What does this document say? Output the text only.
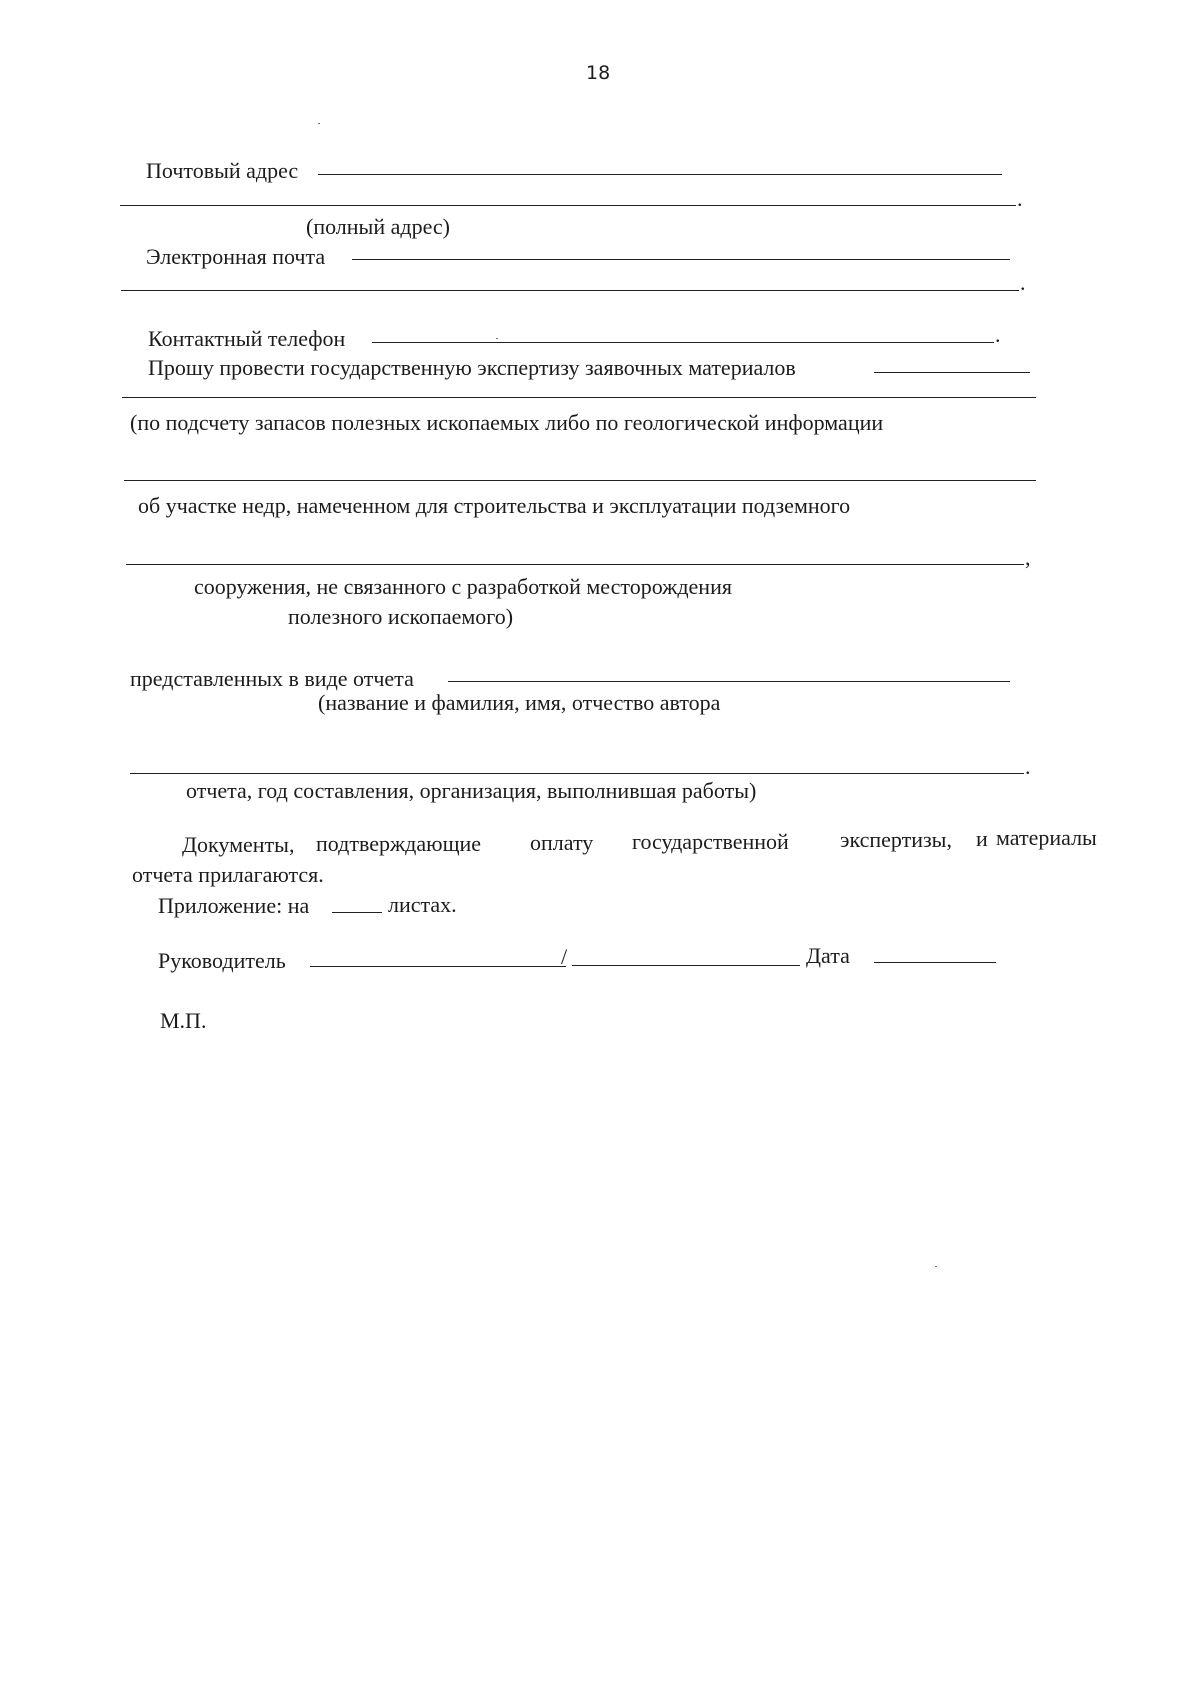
18
Почтовый адрес
.
(полный адрес)
Электронная почта
.
Контактный телефон	.
Прошу провести государственную экспертизу заявочных материалов
(по подсчету запасов полезных ископаемых либо по геологической информации
об участке недр, намеченном для строительства и эксплуатации подземного
,
сооружения, не связанного с разработкой месторождения
полезного ископаемого)
представленных в виде отчета
(название и фамилия, имя, отчество автора
.
отчета, год составления, организация, выполнившая работы)
Документы, подтверждающие оплату государственной экспертизы, и материалы
отчета прилагаются.
Приложение: на	листах.
Руководитель	/	Дата
М.П.
